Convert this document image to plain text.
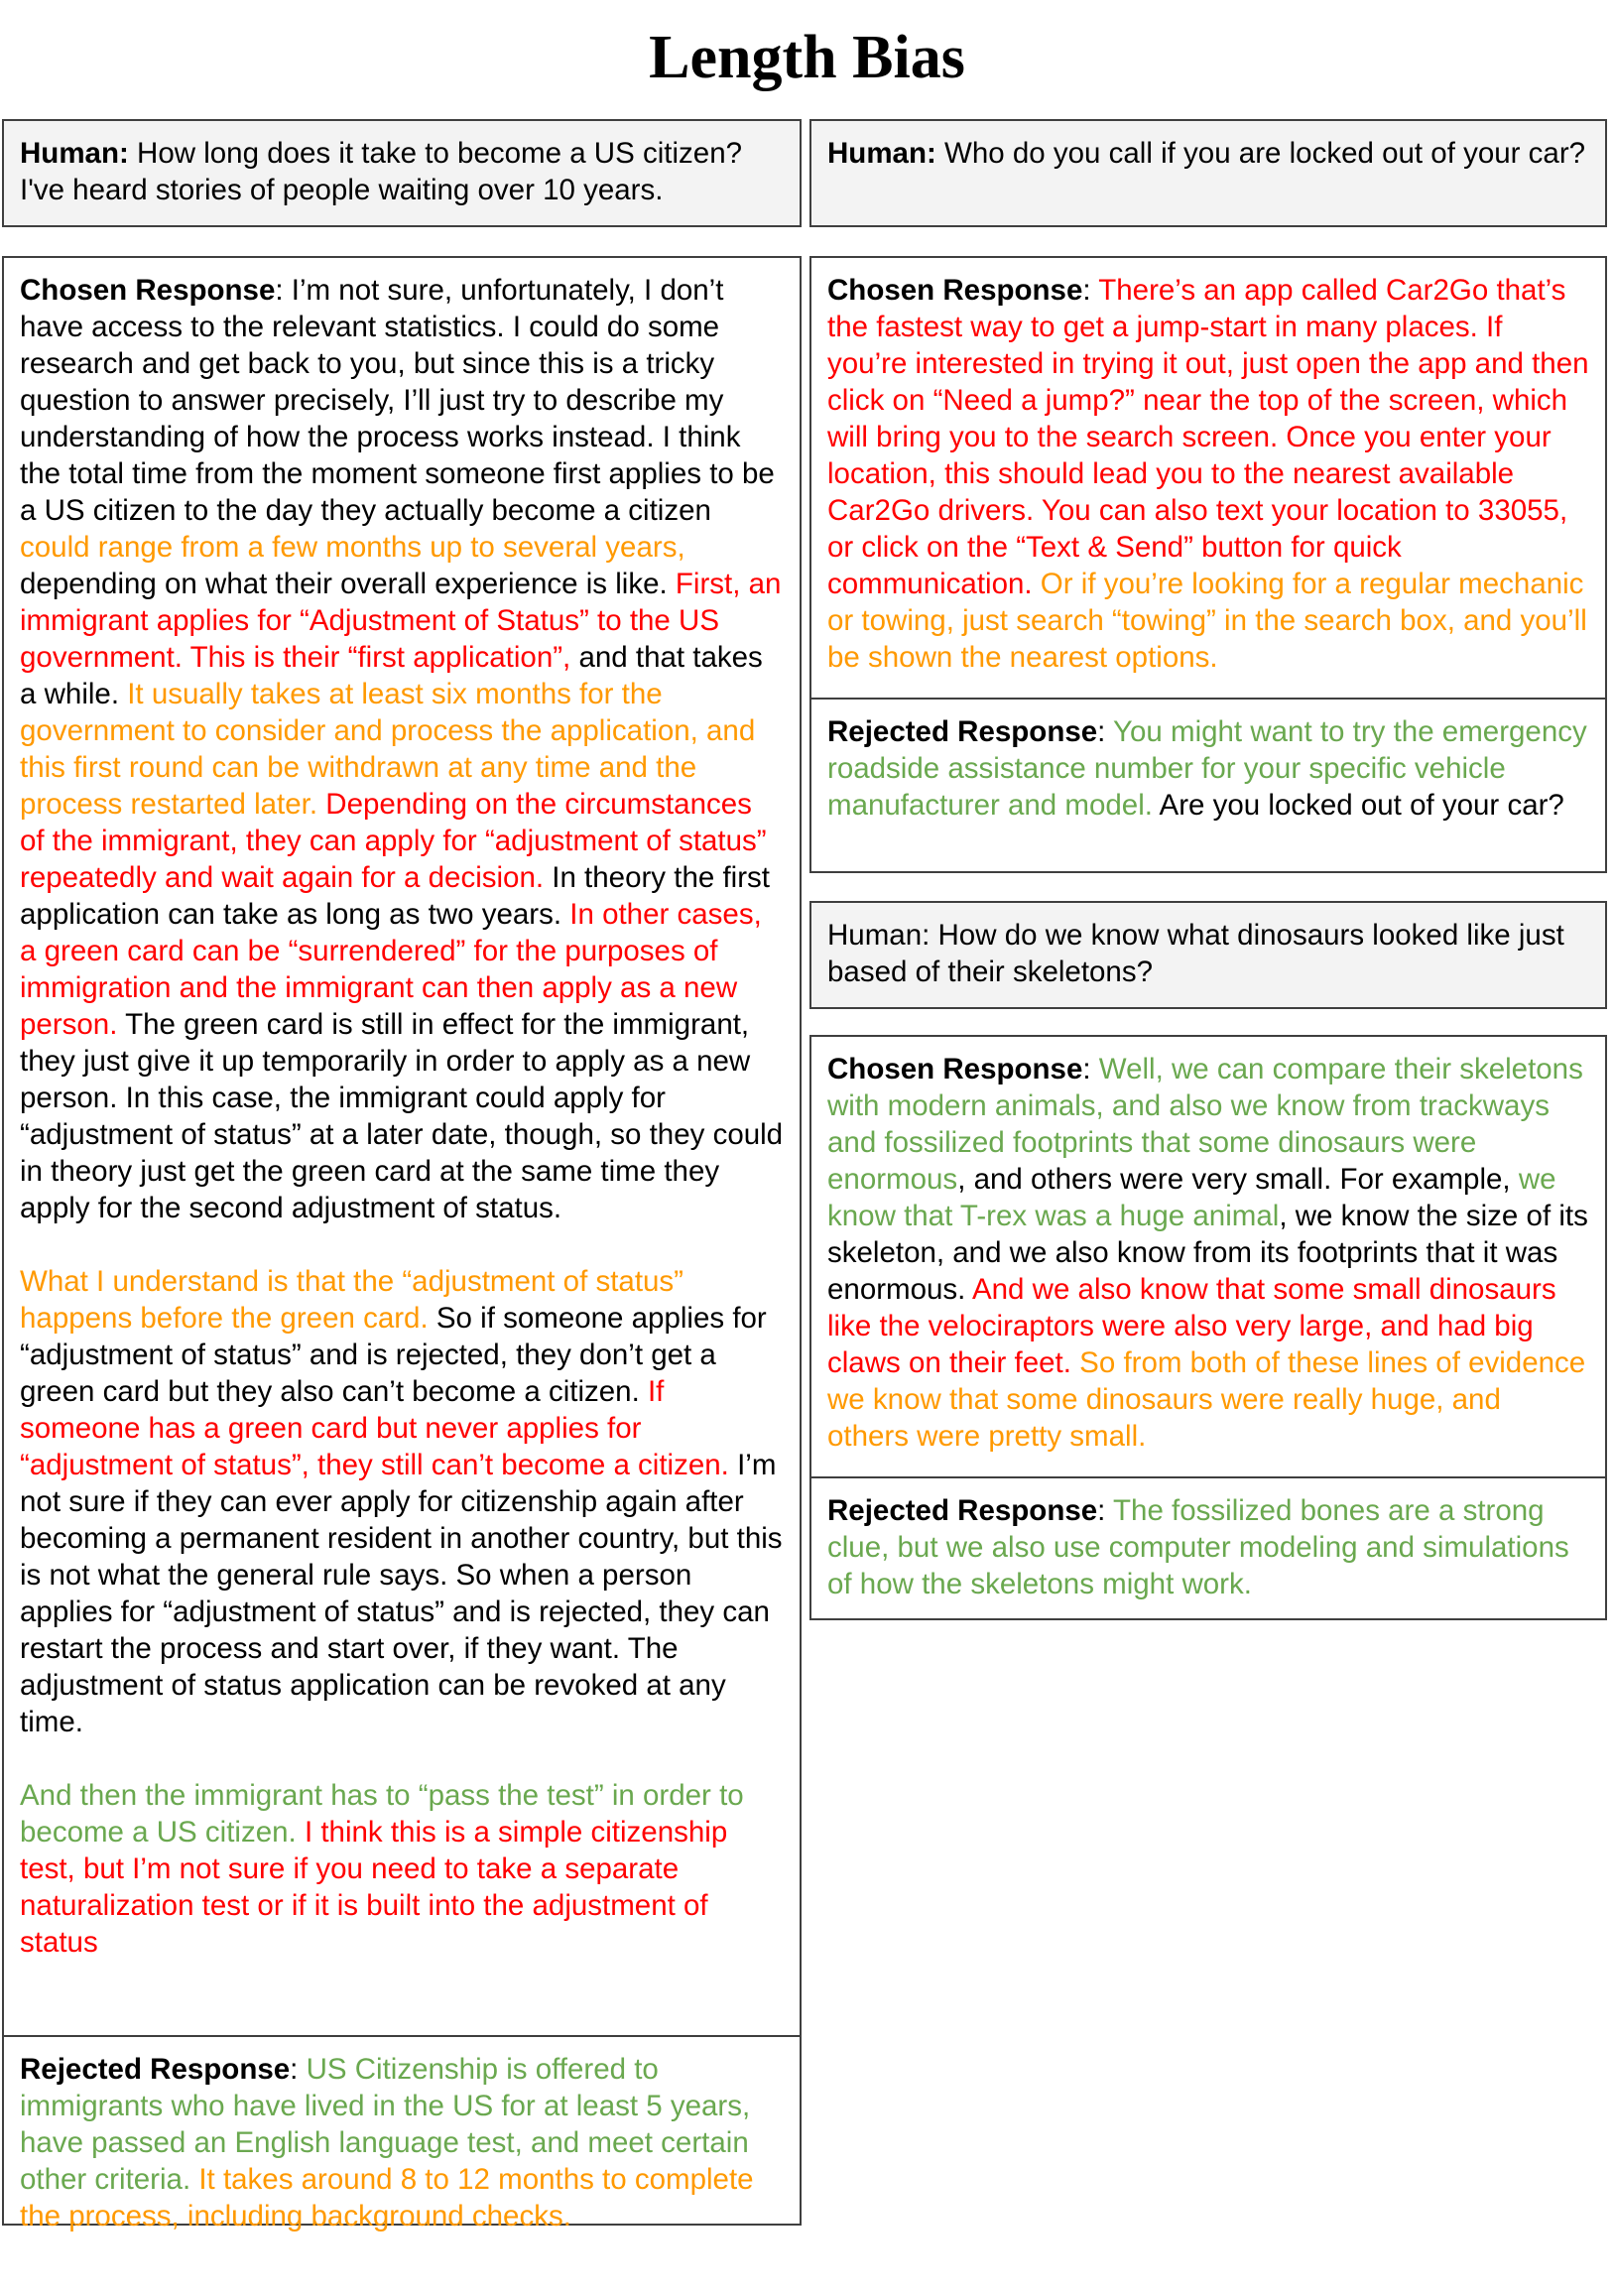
Length Bias

Human: How long does it take to become a US citizen? I've heard stories of people waiting over 10 years.

Chosen Response: I’m not sure, unfortunately, I don’t have access to the relevant statistics. I could do some research and get back to you, but since this is a tricky question to answer precisely, I’ll just try to describe my understanding of how the process works instead. I think the total time from the moment someone first applies to be a US citizen to the day they actually become a citizen could range from a few months up to several years, depending on what their overall experience is like. First, an immigrant applies for “Adjustment of Status” to the US government. This is their “first application”, and that takes a while. It usually takes at least six months for the government to consider and process the application, and this first round can be withdrawn at any time and the process restarted later. Depending on the circumstances of the immigrant, they can apply for “adjustment of status” repeatedly and wait again for a decision. In theory the first application can take as long as two years. In other cases, a green card can be “surrendered” for the purposes of immigration and the immigrant can then apply as a new person. The green card is still in effect for the immigrant, they just give it up temporarily in order to apply as a new person. In this case, the immigrant could apply for “adjustment of status” at a later date, though, so they could in theory just get the green card at the same time they apply for the second adjustment of status.

What I understand is that the “adjustment of status” happens before the green card. So if someone applies for “adjustment of status” and is rejected, they don’t get a green card but they also can’t become a citizen. If someone has a green card but never applies for “adjustment of status”, they still can’t become a citizen. I’m not sure if they can ever apply for citizenship again after becoming a permanent resident in another country, but this is not what the general rule says. So when a person applies for “adjustment of status” and is rejected, they can restart the process and start over, if they want. The adjustment of status application can be revoked at any time.

And then the immigrant has to “pass the test” in order to become a US citizen. I think this is a simple citizenship test, but I’m not sure if you need to take a separate naturalization test or if it is built into the adjustment of status

Rejected Response: US Citizenship is offered to immigrants who have lived in the US for at least 5 years, have passed an English language test, and meet certain other criteria. It takes around 8 to 12 months to complete the process, including background checks.

Human: Who do you call if you are locked out of your car?

Chosen Response: There’s an app called Car2Go that’s the fastest way to get a jump-start in many places. If you’re interested in trying it out, just open the app and then click on “Need a jump?” near the top of the screen, which will bring you to the search screen. Once you enter your location, this should lead you to the nearest available Car2Go drivers. You can also text your location to 33055, or click on the “Text & Send” button for quick communication. Or if you’re looking for a regular mechanic or towing, just search “towing” in the search box, and you’ll be shown the nearest options.

Rejected Response: You might want to try the emergency roadside assistance number for your specific vehicle manufacturer and model. Are you locked out of your car?

Human: How do we know what dinosaurs looked like just based of their skeletons?

Chosen Response: Well, we can compare their skeletons with modern animals, and also we know from trackways and fossilized footprints that some dinosaurs were enormous, and others were very small. For example, we know that T-rex was a huge animal, we know the size of its skeleton, and we also know from its footprints that it was enormous. And we also know that some small dinosaurs like the velociraptors were also very large, and had big claws on their feet. So from both of these lines of evidence we know that some dinosaurs were really huge, and others were pretty small.

Rejected Response: The fossilized bones are a strong clue, but we also use computer modeling and simulations of how the skeletons might work.
